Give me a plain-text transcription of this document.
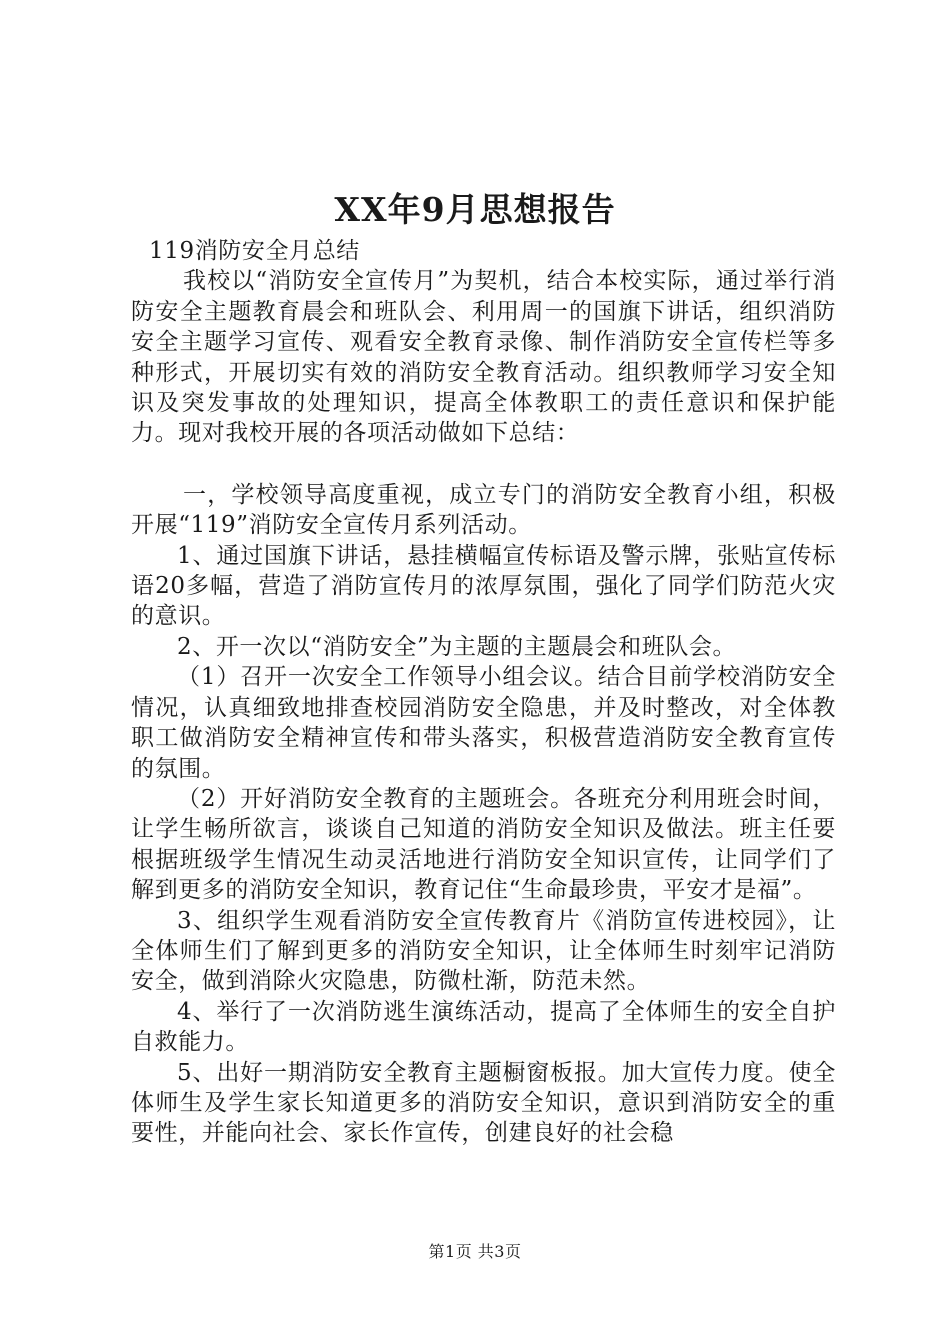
XX年9月思想报告

119消防安全月总结

我校以“消防安全宣传月”为契机，结合本校实际，通过举行消防安全主题教育晨会和班队会、利用周一的国旗下讲话，组织消防安全主题学习宣传、观看安全教育录像、制作消防安全宣传栏等多种形式，开展切实有效的消防安全教育活动。组织教师学习安全知识及突发事故的处理知识，提高全体教职工的责任意识和保护能力。现对我校开展的各项活动做如下总结：

一，学校领导高度重视，成立专门的消防安全教育小组，积极开展“119”消防安全宣传月系列活动。

1、通过国旗下讲话，悬挂横幅宣传标语及警示牌，张贴宣传标语20多幅，营造了消防宣传月的浓厚氛围，强化了同学们防范火灾的意识。

2、开一次以“消防安全”为主题的主题晨会和班队会。

（1）召开一次安全工作领导小组会议。结合目前学校消防安全情况，认真细致地排查校园消防安全隐患，并及时整改，对全体教职工做消防安全精神宣传和带头落实，积极营造消防安全教育宣传的氛围。

（2）开好消防安全教育的主题班会。各班充分利用班会时间，让学生畅所欲言，谈谈自己知道的消防安全知识及做法。班主任要根据班级学生情况生动灵活地进行消防安全知识宣传，让同学们了解到更多的消防安全知识，教育记住“生命最珍贵，平安才是福”。

3、组织学生观看消防安全宣传教育片《消防宣传进校园》，让全体师生们了解到更多的消防安全知识，让全体师生时刻牢记消防安全，做到消除火灾隐患，防微杜渐，防范未然。

4、举行了一次消防逃生演练活动，提高了全体师生的安全自护自救能力。

5、出好一期消防安全教育主题橱窗板报。加大宣传力度。使全体师生及学生家长知道更多的消防安全知识，意识到消防安全的重要性，并能向社会、家长作宣传，创建良好的社会稳

第1页 共3页
